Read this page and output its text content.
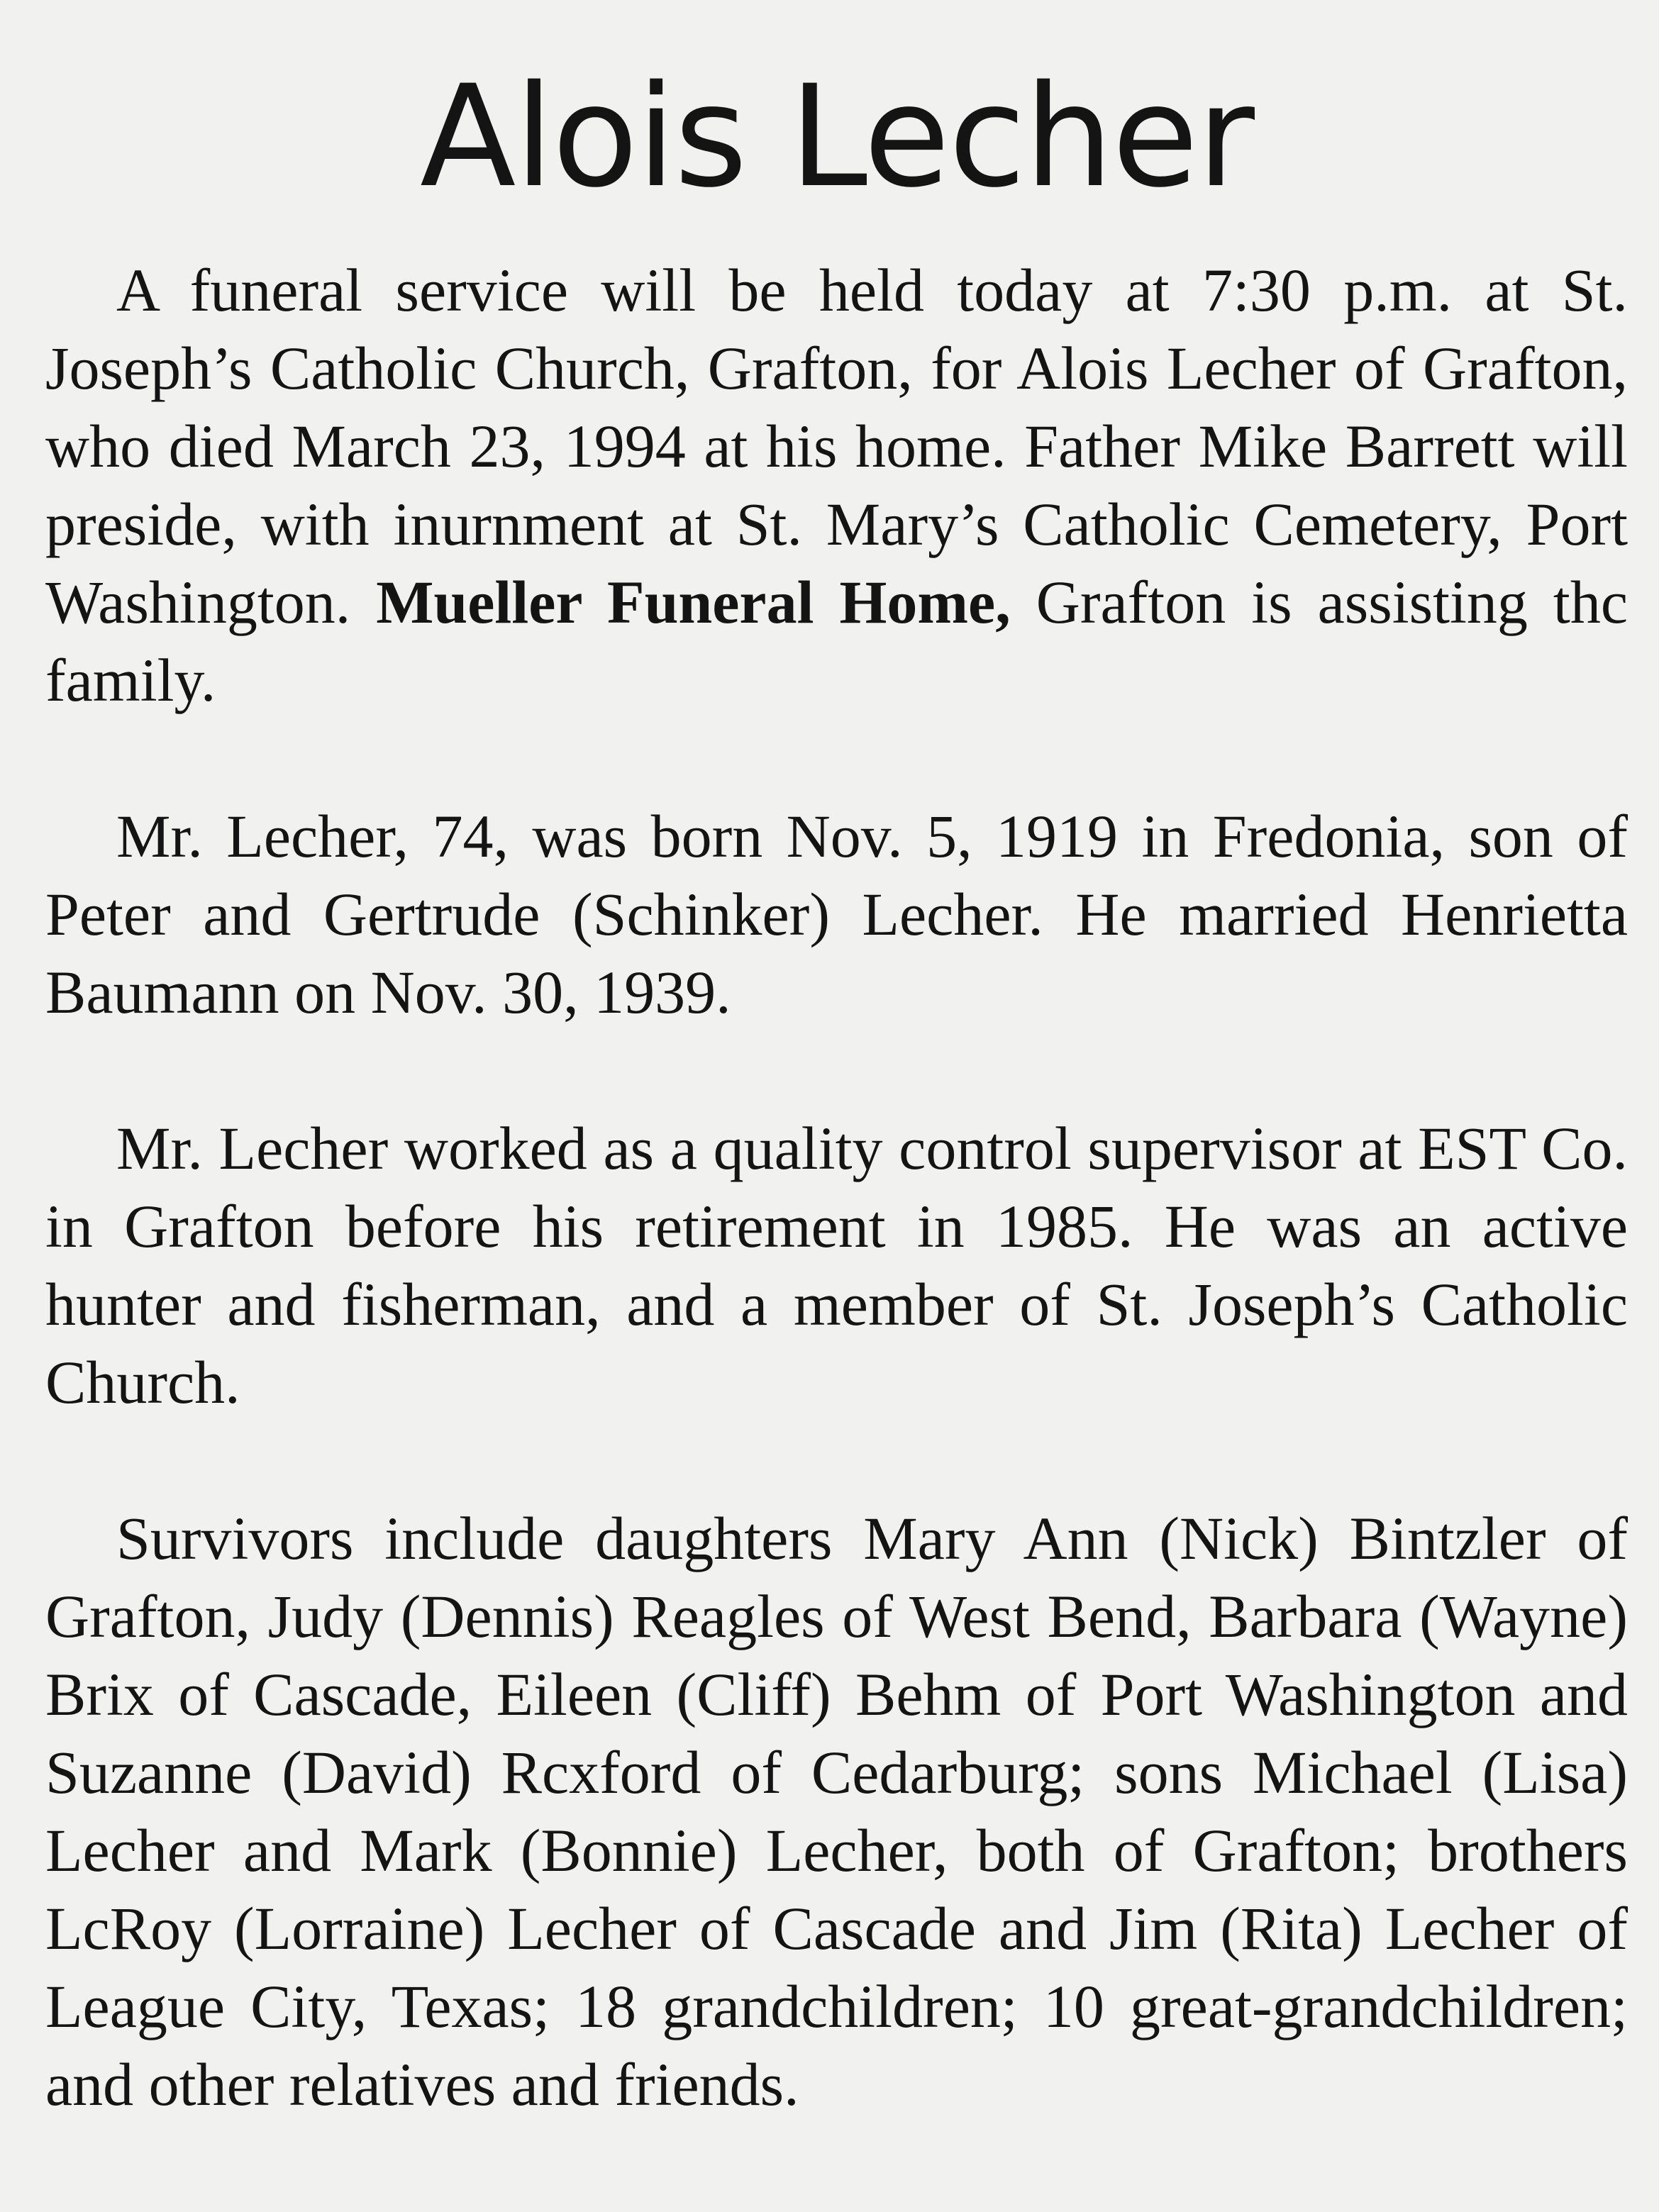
Alois Lecher

A funeral service will be held today at 7:30 p.m. at St. Joseph’s Catholic Church, Grafton, for Alois Lecher of Grafton, who died March 23, 1994 at his home. Father Mike Barrett will preside, with inurnment at St. Mary’s Catholic Cemetery, Port Washington. Mueller Funeral Home, Grafton is assisting thc family.

Mr. Lecher, 74, was born Nov. 5, 1919 in Fredonia, son of Peter and Gertrude (Schinker) Lecher. He married Henrietta Baumann on Nov. 30, 1939.

Mr. Lecher worked as a quality control supervisor at EST Co. in Grafton before his retirement in 1985. He was an active hunter and fisherman, and a member of St. Joseph’s Catholic Church.

Survivors include daughters Mary Ann (Nick) Bintzler of Grafton, Judy (Dennis) Reagles of West Bend, Barbara (Wayne) Brix of Cascade, Eileen (Cliff) Behm of Port Washington and Suzanne (David) Rcxford of Cedarburg; sons Michael (Lisa) Lecher and Mark (Bonnie) Lecher, both of Grafton; brothers LcRoy (Lorraine) Lecher of Cascade and Jim (Rita) Lecher of League City, Texas; 18 grandchildren; 10 great-grandchildren; and other relatives and friends.
